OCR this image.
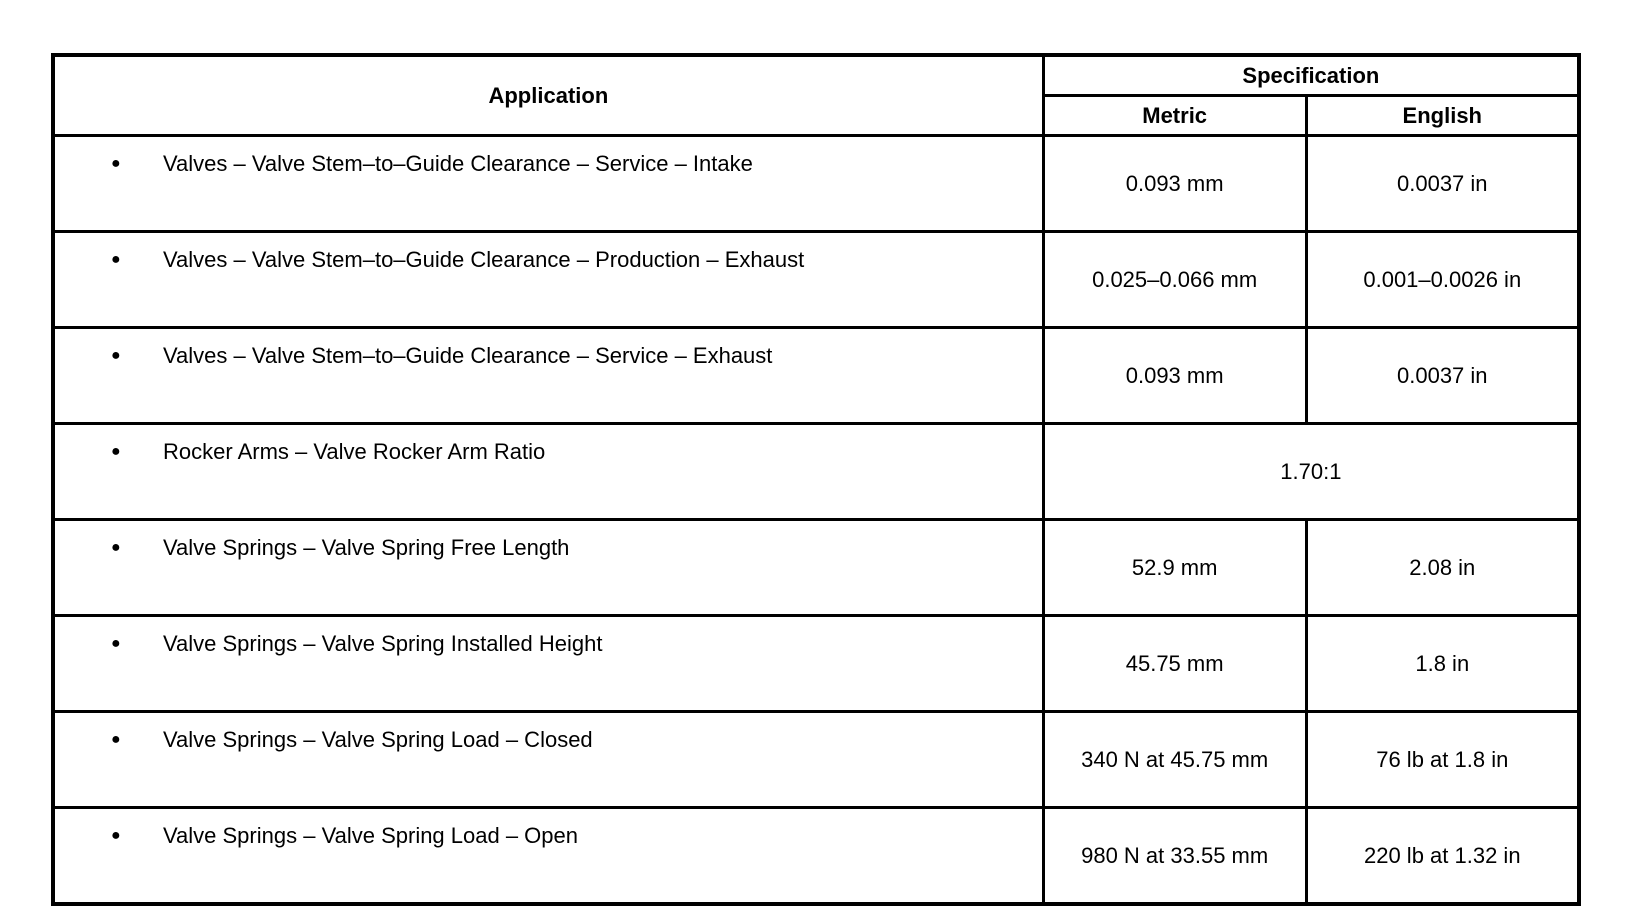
Application	Specification	
	Metric	English

● Valves – Valve Stem–to–Guide Clearance – Service – Intake	0.093 mm	0.0037 in

● Valves – Valve Stem–to–Guide Clearance – Production – Exhaust	0.025–0.066 mm	0.001–0.0026 in

● Valves – Valve Stem–to–Guide Clearance – Service – Exhaust	0.093 mm	0.0037 in

● Rocker Arms – Valve Rocker Arm Ratio	1.70:1	

● Valve Springs – Valve Spring Free Length	52.9 mm	2.08 in

● Valve Springs – Valve Spring Installed Height	45.75 mm	1.8 in

● Valve Springs – Valve Spring Load – Closed	340 N at 45.75 mm	76 lb at 1.8 in

● Valve Springs – Valve Spring Load – Open	980 N at 33.55 mm	220 lb at 1.32 in
